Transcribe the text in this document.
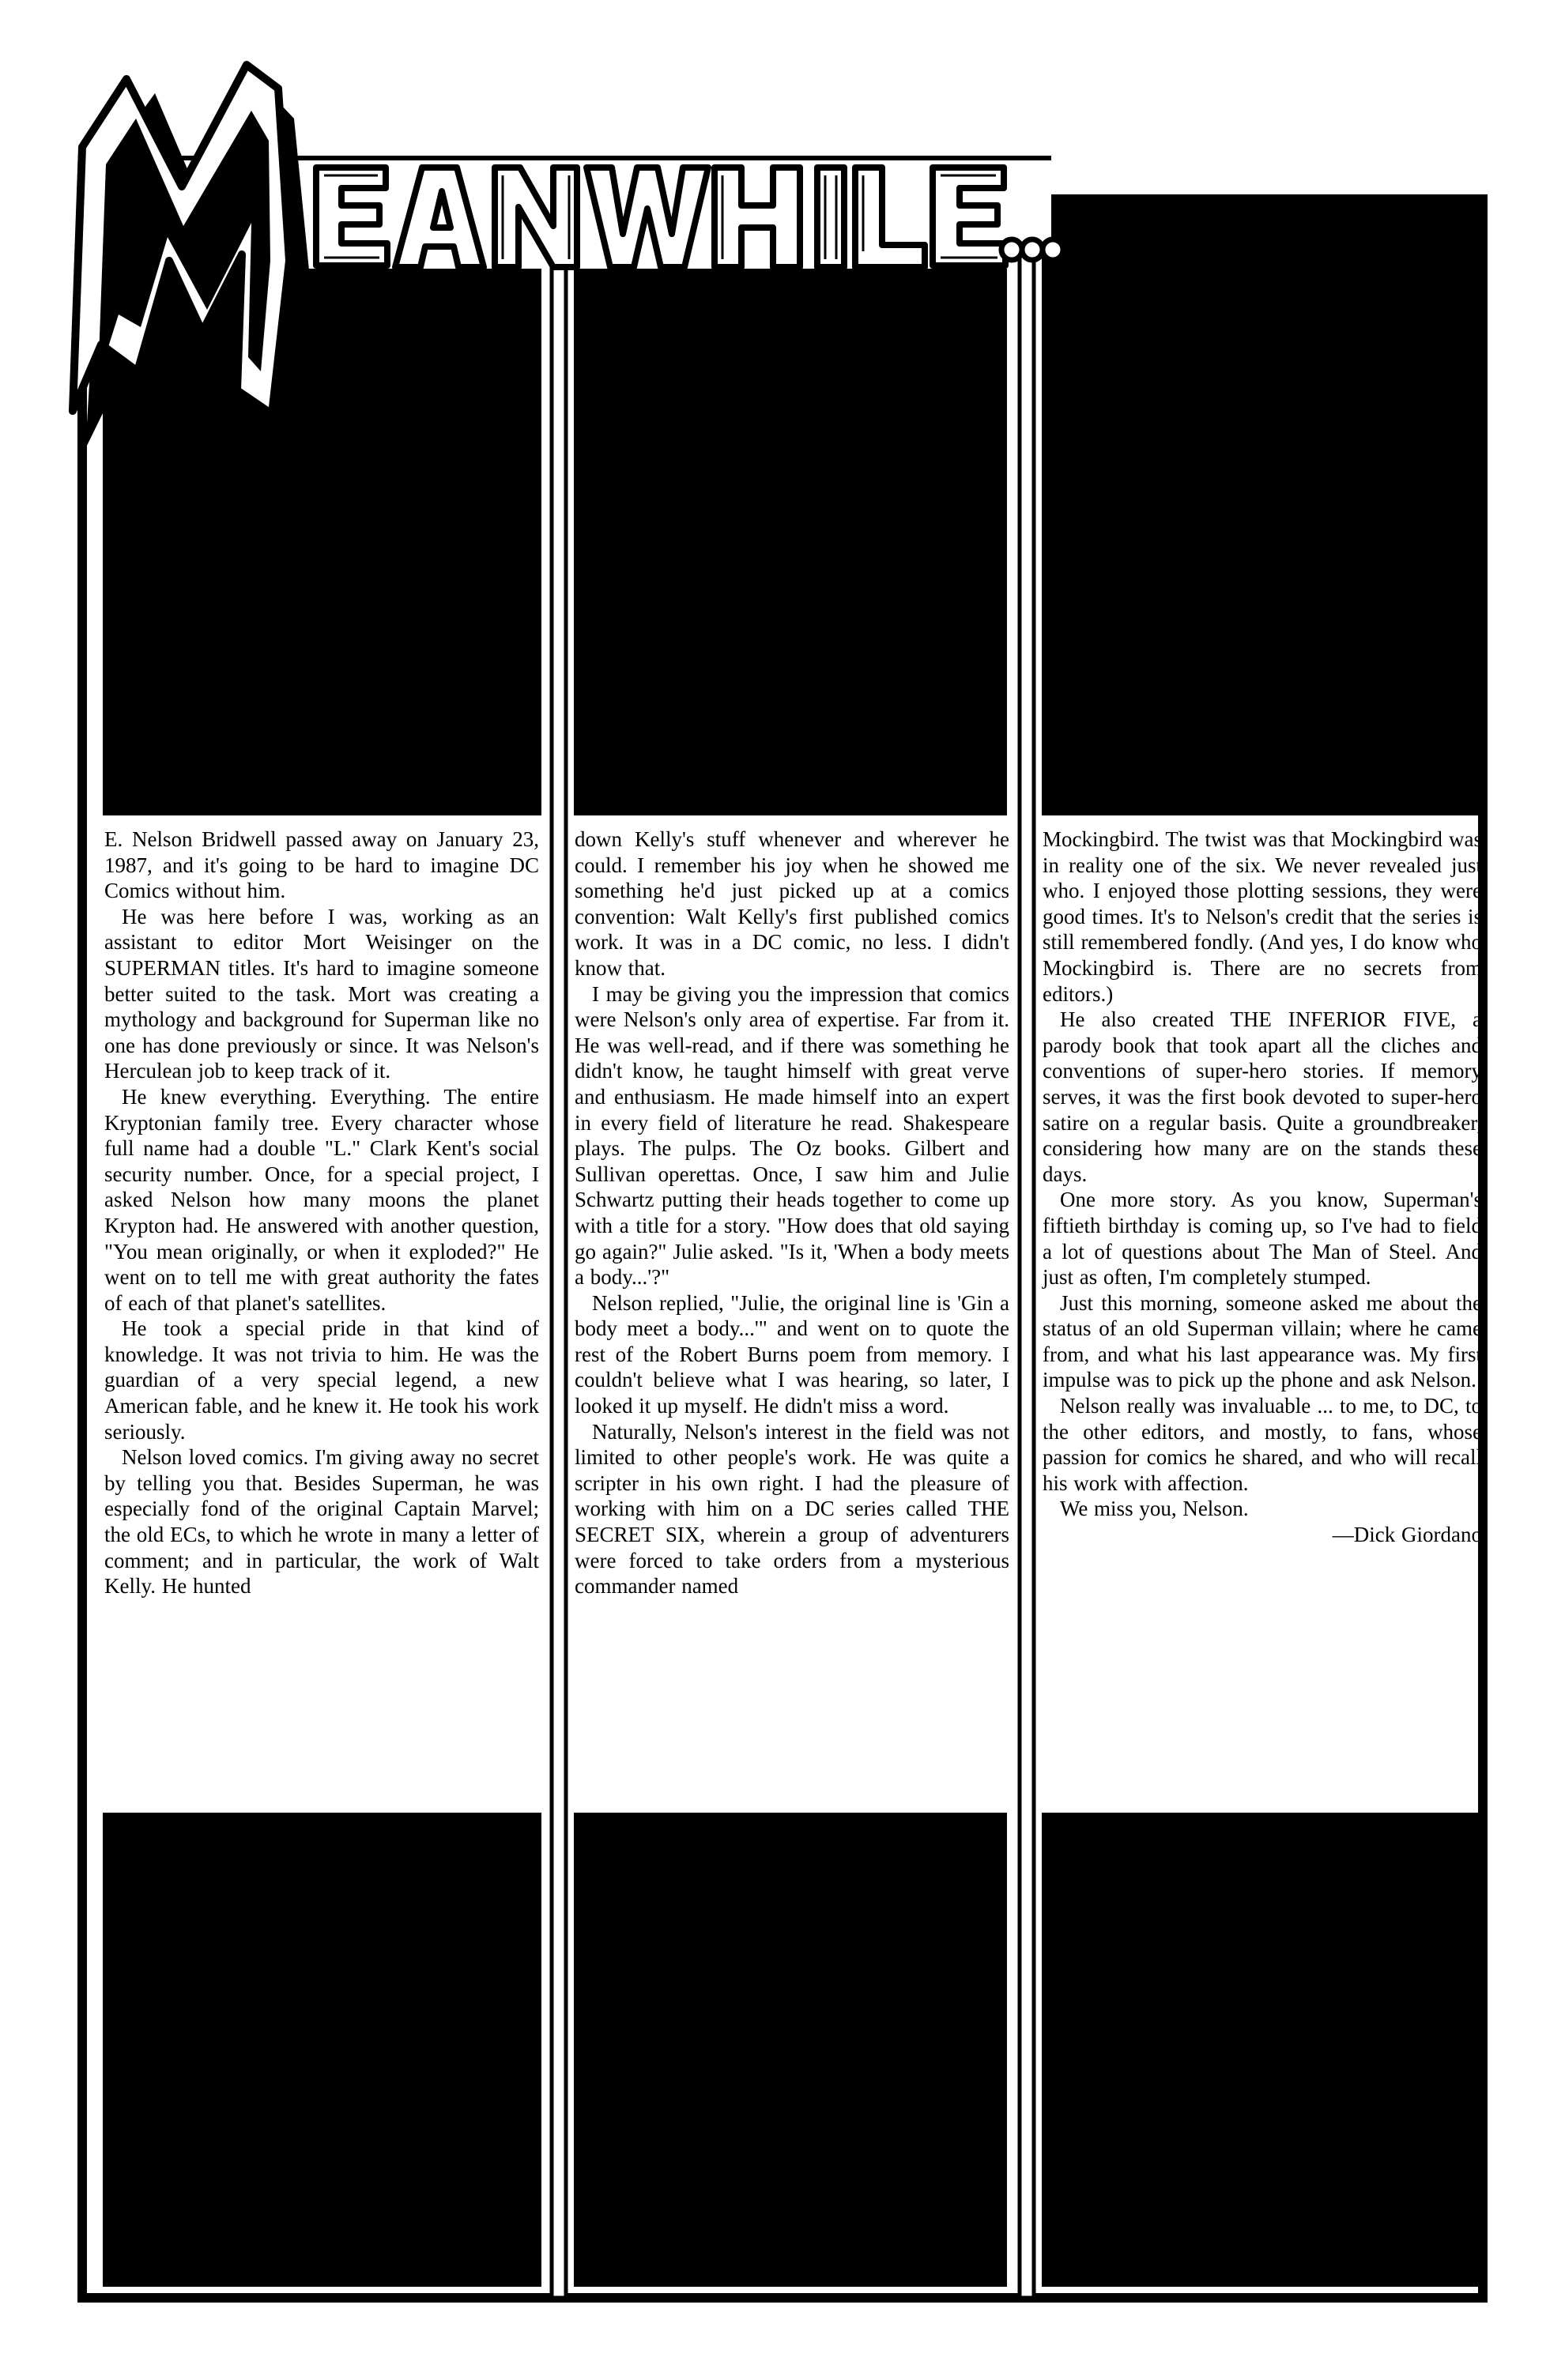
E. Nelson Bridwell passed away on January 23, 1987, and it's going to be hard to imagine DC Comics without him.

He was here before I was, working as an assistant to editor Mort Weisinger on the SUPERMAN titles. It's hard to imagine someone better suited to the task. Mort was creating a mythology and background for Superman like no one has done previously or since. It was Nelson's Herculean job to keep track of it.

He knew everything. Everything. The entire Kryptonian family tree. Every character whose full name had a double "L." Clark Kent's social security number. Once, for a special project, I asked Nelson how many moons the planet Krypton had. He answered with another question, "You mean originally, or when it exploded?" He went on to tell me with great authority the fates of each of that planet's satellites.

He took a special pride in that kind of knowledge. It was not trivia to him. He was the guardian of a very special legend, a new American fable, and he knew it. He took his work seriously.

Nelson loved comics. I'm giving away no secret by telling you that. Besides Superman, he was especially fond of the original Captain Marvel; the old ECs, to which he wrote in many a letter of comment; and in particular, the work of Walt Kelly. He hunted

down Kelly's stuff whenever and wherever he could. I remember his joy when he showed me something he'd just picked up at a comics convention: Walt Kelly's first published comics work. It was in a DC comic, no less. I didn't know that.

I may be giving you the impression that comics were Nelson's only area of expertise. Far from it. He was well-read, and if there was something he didn't know, he taught himself with great verve and enthusiasm. He made himself into an expert in every field of literature he read. Shakespeare plays. The pulps. The Oz books. Gilbert and Sullivan operettas. Once, I saw him and Julie Schwartz putting their heads together to come up with a title for a story. "How does that old saying go again?" Julie asked. "Is it, 'When a body meets a body...'?"

Nelson replied, "Julie, the original line is 'Gin a body meet a body...'" and went on to quote the rest of the Robert Burns poem from memory. I couldn't believe what I was hearing, so later, I looked it up myself. He didn't miss a word.

Naturally, Nelson's interest in the field was not limited to other people's work. He was quite a scripter in his own right. I had the pleasure of working with him on a DC series called THE SECRET SIX, wherein a group of adventurers were forced to take orders from a mysterious commander named

Mockingbird. The twist was that Mockingbird was in reality one of the six. We never revealed just who. I enjoyed those plotting sessions, they were good times. It's to Nelson's credit that the series is still remembered fondly. (And yes, I do know who Mockingbird is. There are no secrets from editors.)

He also created THE INFERIOR FIVE, a parody book that took apart all the cliches and conventions of super-hero stories. If memory serves, it was the first book devoted to super-hero satire on a regular basis. Quite a groundbreaker, considering how many are on the stands these days.

One more story. As you know, Superman's fiftieth birthday is coming up, so I've had to field a lot of questions about The Man of Steel. And just as often, I'm completely stumped.

Just this morning, someone asked me about the status of an old Superman villain; where he came from, and what his last appearance was. My first impulse was to pick up the phone and ask Nelson.

Nelson really was invaluable ... to me, to DC, to the other editors, and mostly, to fans, whose passion for comics he shared, and who will recall his work with affection.

We miss you, Nelson.

—Dick Giordano
